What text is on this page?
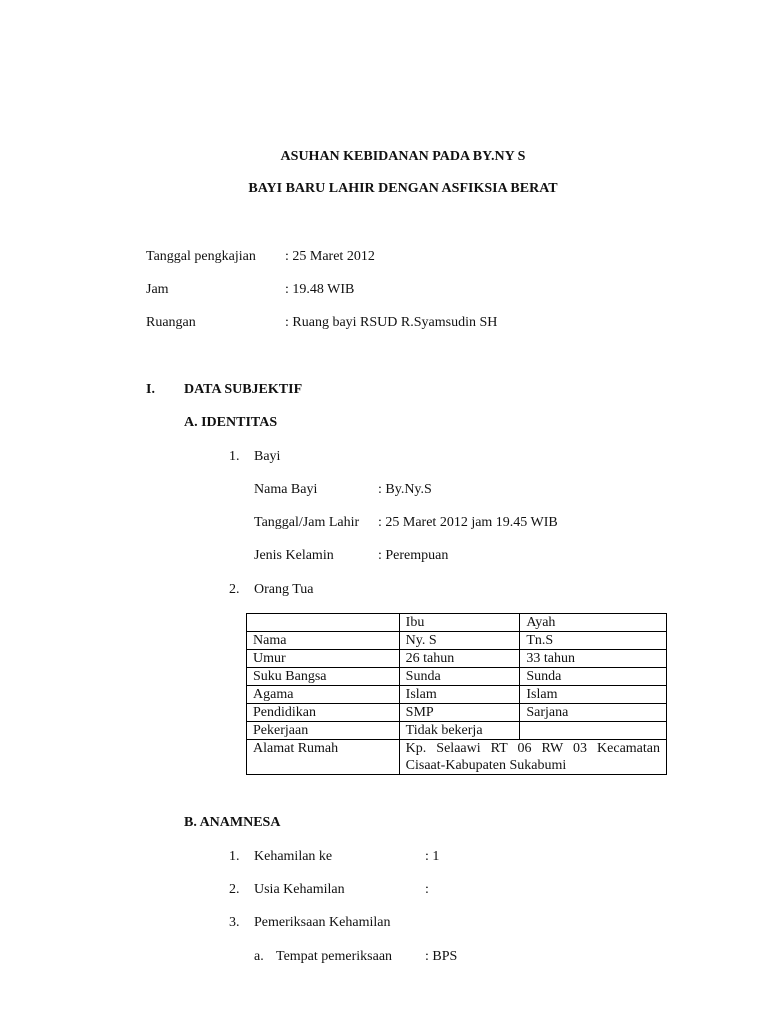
ASUHAN KEBIDANAN PADA BY.NY S
BAYI BARU LAHIR DENGAN ASFIKSIA BERAT
Tanggal pengkajian : 25 Maret 2012
Jam	: 19.48 WIB
Ruangan	: Ruang bayi RSUD R.Syamsudin SH
I. DATA SUBJEKTIF
A. IDENTITAS
1. Bayi
Nama Bayi	: By.Ny.S
Tanggal/Jam Lahir : 25 Maret 2012 jam 19.45 WIB
Jenis Kelamin	: Perempuan
2. Orang Tua
	Ibu	Ayah
Nama	Ny. S	Tn.S
Umur	26 tahun	33 tahun
Suku Bangsa	Sunda	Sunda
Agama	Islam	Islam
Pendidikan	SMP	Sarjana
Pekerjaan	Tidak bekerja	
Alamat Rumah	Kp. Selaawi RT 06 RW 03 Kecamatan
Cisaat-Kabupaten Sukabumi	
B. ANAMNESA
1. Kehamilan ke	: 1
2. Usia Kehamilan	:
3. Pemeriksaan Kehamilan
a. Tempat pemeriksaan : BPS
